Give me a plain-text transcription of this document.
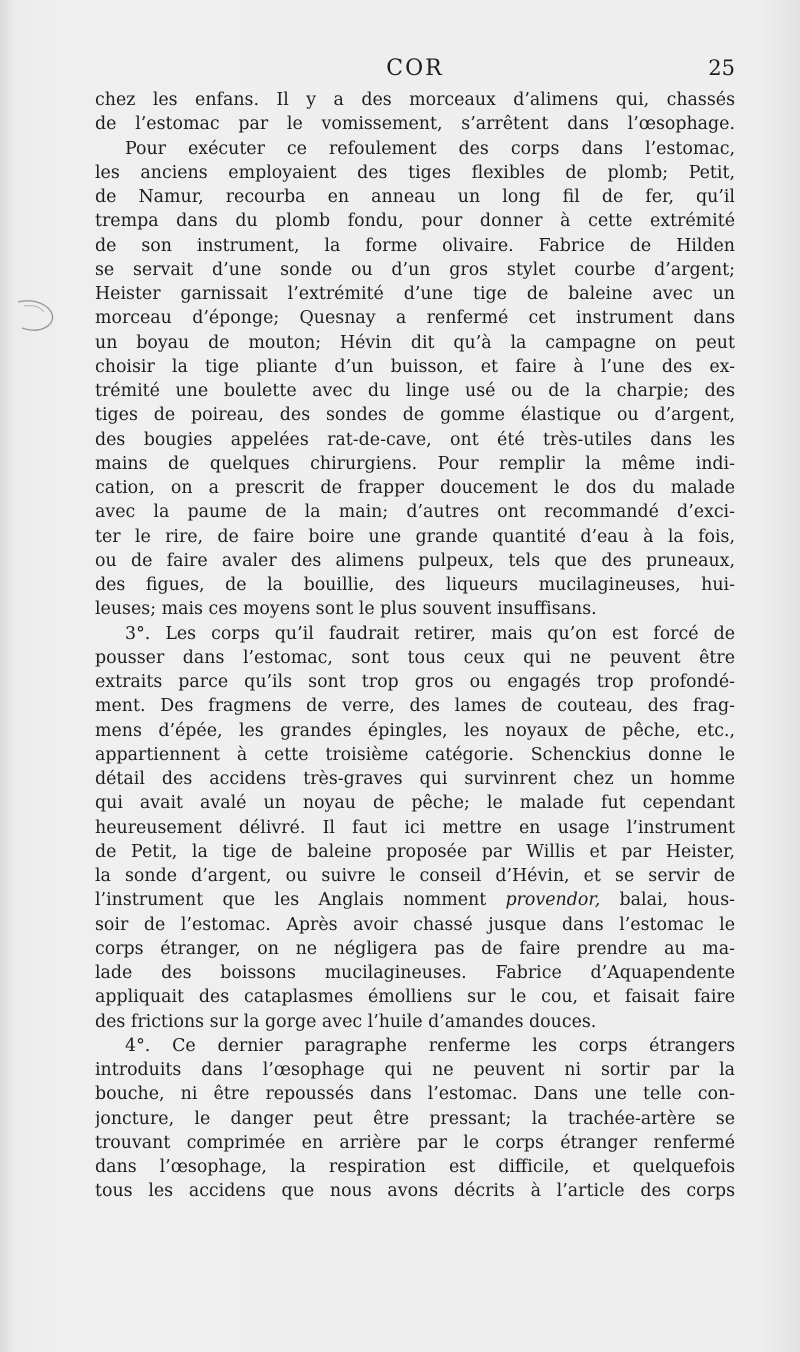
COR	25
chez les enfans. Il y a des morceaux d’alimens qui, chassés
de l’estomac par le vomissement, s’arrêtent dans l’œsophage.
Pour exécuter ce refoulement des corps dans l’estomac,
les anciens employaient des tiges flexibles de plomb; Petit,
de Namur, recourba en anneau un long fil de fer, qu’il
trempa dans du plomb fondu, pour donner à cette extrémité
de son instrument, la forme olivaire. Fabrice de Hilden
se servait d’une sonde ou d’un gros stylet courbe d’argent;
Heister garnissait l’extrémité d’une tige de baleine avec un
morceau d’éponge; Quesnay a renfermé cet instrument dans
un boyau de mouton; Hévin dit qu’à la campagne on peut
choisir la tige pliante d’un buisson, et faire à l’une des ex-
trémité une boulette avec du linge usé ou de la charpie; des
tiges de poireau, des sondes de gomme élastique ou d’argent,
des bougies appelées rat-de-cave, ont été très-utiles dans les
mains de quelques chirurgiens. Pour remplir la même indi-
cation, on a prescrit de frapper doucement le dos du malade
avec la paume de la main; d’autres ont recommandé d’exci-
ter le rire, de faire boire une grande quantité d’eau à la fois,
ou de faire avaler des alimens pulpeux, tels que des pruneaux,
des figues, de la bouillie, des liqueurs mucilagineuses, hui-
leuses; mais ces moyens sont le plus souvent insuffisans.
3°. Les corps qu’il faudrait retirer, mais qu’on est forcé de
pousser dans l’estomac, sont tous ceux qui ne peuvent être
extraits parce qu’ils sont trop gros ou engagés trop profondé-
ment. Des fragmens de verre, des lames de couteau, des frag-
mens d’épée, les grandes épingles, les noyaux de pêche, etc.,
appartiennent à cette troisième catégorie. Schenckius donne le
détail des accidens très-graves qui survinrent chez un homme
qui avait avalé un noyau de pêche; le malade fut cependant
heureusement délivré. Il faut ici mettre en usage l’instrument
de Petit, la tige de baleine proposée par Willis et par Heister,
la sonde d’argent, ou suivre le conseil d’Hévin, et se servir de
l’instrument que les Anglais nomment provendor, balai, hous-
soir de l’estomac. Après avoir chassé jusque dans l’estomac le
corps étranger, on ne négligera pas de faire prendre au ma-
lade des boissons mucilagineuses. Fabrice d’Aquapendente
appliquait des cataplasmes émolliens sur le cou, et faisait faire
des frictions sur la gorge avec l’huile d’amandes douces.
4°. Ce dernier paragraphe renferme les corps étrangers
introduits dans l’œsophage qui ne peuvent ni sortir par la
bouche, ni être repoussés dans l’estomac. Dans une telle con-
joncture, le danger peut être pressant; la trachée-artère se
trouvant comprimée en arrière par le corps étranger renfermé
dans l’œsophage, la respiration est difficile, et quelquefois
tous les accidens que nous avons décrits à l’article des corps
